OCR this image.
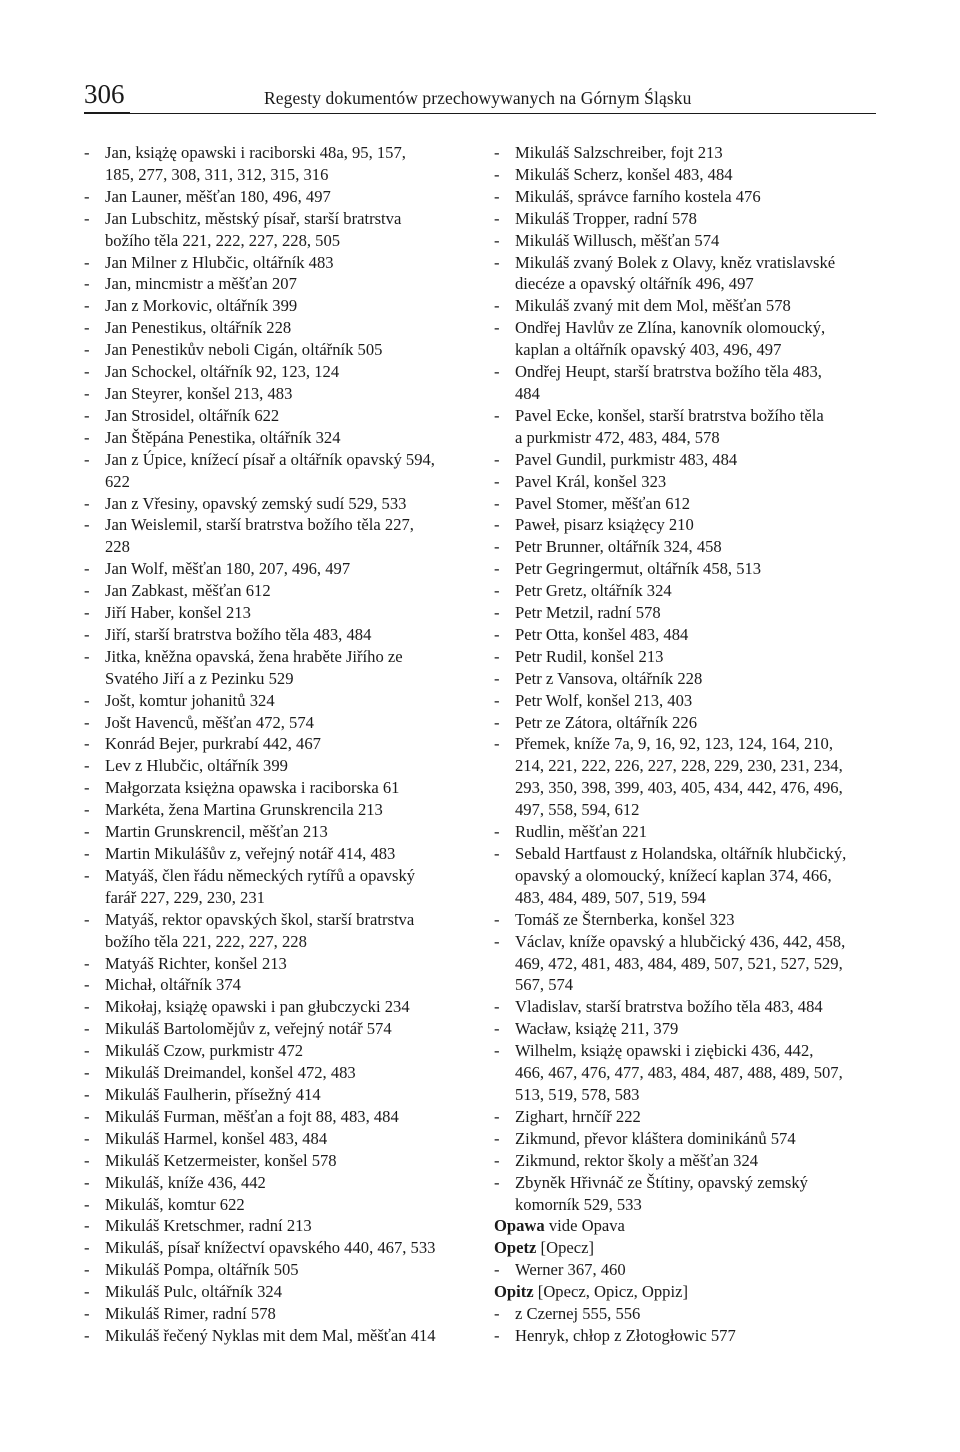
306	Regesty dokumentów przechowywanych na Górnym Śląsku
- Jan, książę opawski i raciborski 48a, 95, 157,
185, 277, 308, 311, 312, 315, 316
- Jan Launer, měšťan 180, 496, 497
- Jan Lubschitz, městský písař, starší bratrstva
božího těla 221, 222, 227, 228, 505
- Jan Milner z Hlubčic, oltářník 483
- Jan, mincmistr a měšťan 207
- Jan z Morkovic, oltářník 399
- Jan Penestikus, oltářník 228
- Jan Penestikův neboli Cigán, oltářník 505
- Jan Schockel, oltářník 92, 123, 124
- Jan Steyrer, konšel 213, 483
- Jan Strosidel, oltářník 622
- Jan Štěpána Penestika, oltářník 324
- Jan z Úpice, knížecí písař a oltářník opavský 594,
622
- Jan z Vřesiny, opavský zemský sudí 529, 533
- Jan Weislemil, starší bratrstva božího těla 227,
228
- Jan Wolf, měšťan 180, 207, 496, 497
- Jan Zabkast, měšťan 612
- Jiří Haber, konšel 213
- Jiří, starší bratrstva božího těla 483, 484
- Jitka, kněžna opavská, žena hraběte Jiřího ze
Svatého Jiří a z Pezinku 529
- Jošt, komtur johanitů 324
- Jošt Havenců, měšťan 472, 574
- Konrád Bejer, purkrabí 442, 467
- Lev z Hlubčic, oltářník 399
- Małgorzata księżna opawska i raciborska 61
- Markéta, žena Martina Grunskrencila 213
- Martin Grunskrencil, měšťan 213
- Martin Mikulášův z, veřejný notář 414, 483
- Matyáš, člen řádu německých rytířů a opavský
farář 227, 229, 230, 231
- Matyáš, rektor opavských škol, starší bratrstva
božího těla 221, 222, 227, 228
- Matyáš Richter, konšel 213
- Michał, oltářník 374
- Mikołaj, książę opawski i pan głubczycki 234
- Mikuláš Bartolomějův z, veřejný notář 574
- Mikuláš Czow, purkmistr 472
- Mikuláš Dreimandel, konšel 472, 483
- Mikuláš Faulherin, přísežný 414
- Mikuláš Furman, měšťan a fojt 88, 483, 484
- Mikuláš Harmel, konšel 483, 484
- Mikuláš Ketzermeister, konšel 578
- Mikuláš, kníže 436, 442
- Mikuláš, komtur 622
- Mikuláš Kretschmer, radní 213
- Mikuláš, písař knížectví opavského 440, 467, 533
- Mikuláš Pompa, oltářník 505
- Mikuláš Pulc, oltářník 324
- Mikuláš Rimer, radní 578
- Mikuláš řečený Nyklas mit dem Mal, měšťan 414
- Mikuláš Salzschreiber, fojt 213
- Mikuláš Scherz, konšel 483, 484
- Mikuláš, správce farního kostela 476
- Mikuláš Tropper, radní 578
- Mikuláš Willusch, měšťan 574
- Mikuláš zvaný Bolek z Olavy, kněz vratislavské
diecéze a opavský oltářník 496, 497
- Mikuláš zvaný mit dem Mol, měšťan 578
- Ondřej Havlův ze Zlína, kanovník olomoucký,
kaplan a oltářník opavský 403, 496, 497
- Ondřej Heupt, starší bratrstva božího těla 483,
484
- Pavel Ecke, konšel, starší bratrstva božího těla
a purkmistr 472, 483, 484, 578
- Pavel Gundil, purkmistr 483, 484
- Pavel Král, konšel 323
- Pavel Stomer, měšťan 612
- Paweł, pisarz książęcy 210
- Petr Brunner, oltářník 324, 458
- Petr Gegringermut, oltářník 458, 513
- Petr Gretz, oltářník 324
- Petr Metzil, radní 578
- Petr Otta, konšel 483, 484
- Petr Rudil, konšel 213
- Petr z Vansova, oltářník 228
- Petr Wolf, konšel 213, 403
- Petr ze Zátora, oltářník 226
- Přemek, kníže 7a, 9, 16, 92, 123, 124, 164, 210,
214, 221, 222, 226, 227, 228, 229, 230, 231, 234,
293, 350, 398, 399, 403, 405, 434, 442, 476, 496,
497, 558, 594, 612
- Rudlin, měšťan 221
- Sebald Hartfaust z Holandska, oltářník hlubčický,
opavský a olomoucký, knížecí kaplan 374, 466,
483, 484, 489, 507, 519, 594
- Tomáš ze Šternberka, konšel 323
- Václav, kníže opavský a hlubčický 436, 442, 458,
469, 472, 481, 483, 484, 489, 507, 521, 527, 529,
567, 574
- Vladislav, starší bratrstva božího těla 483, 484
- Wacław, książę 211, 379
- Wilhelm, książę opawski i ziębicki 436, 442,
466, 467, 476, 477, 483, 484, 487, 488, 489, 507,
513, 519, 578, 583
- Zighart, hrnčíř 222
- Zikmund, převor kláštera dominikánů 574
- Zikmund, rektor školy a měšťan 324
- Zbyněk Hřivnáč ze Štítiny, opavský zemský
komorník 529, 533
Opawa vide Opava
Opetz [Opecz]
- Werner 367, 460
Opitz [Opecz, Opicz, Oppiz]
- z Czernej 555, 556
- Henryk, chłop z Złotogłowic 577
